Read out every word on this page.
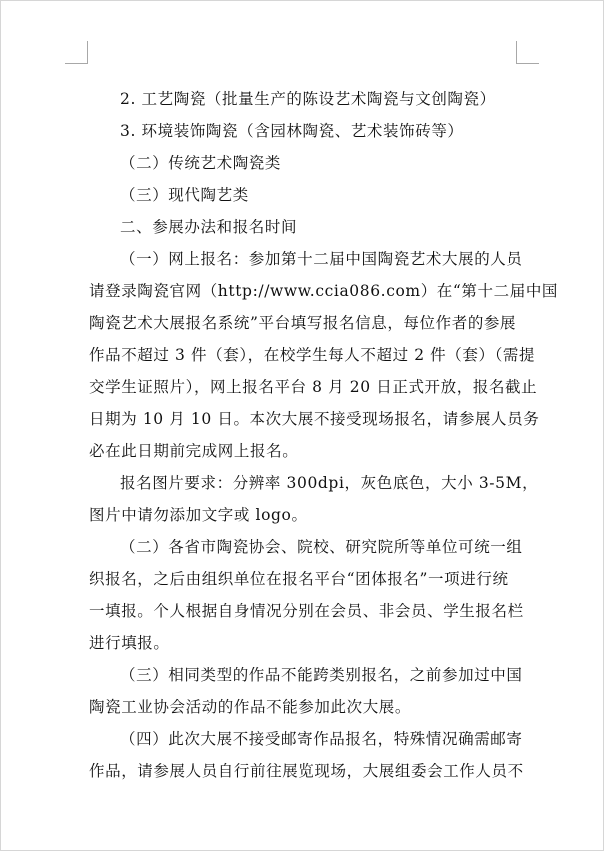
2. 工艺陶瓷（批量生产的陈设艺术陶瓷与文创陶瓷）

3. 环境装饰陶瓷（含园林陶瓷、艺术装饰砖等）

（二）传统艺术陶瓷类

（三）现代陶艺类

二、参展办法和报名时间

（一）网上报名：参加第十二届中国陶瓷艺术大展的人员

请登录陶瓷官网（http://www.ccia086.com）在“第十二届中国

陶瓷艺术大展报名系统”平台填写报名信息，每位作者的参展

作品不超过 3 件（套），在校学生每人不超过 2 件（套）（需提

交学生证照片），网上报名平台 8 月 20 日正式开放，报名截止

日期为 10 月 10 日。本次大展不接受现场报名，请参展人员务

必在此日期前完成网上报名。

报名图片要求：分辨率 300dpi，灰色底色，大小 3-5M，

图片中请勿添加文字或 logo。

（二）各省市陶瓷协会、院校、研究院所等单位可统一组

织报名，之后由组织单位在报名平台“团体报名”一项进行统

一填报。个人根据自身情况分别在会员、非会员、学生报名栏

进行填报。

（三）相同类型的作品不能跨类别报名，之前参加过中国

陶瓷工业协会活动的作品不能参加此次大展。

（四）此次大展不接受邮寄作品报名，特殊情况确需邮寄

作品，请参展人员自行前往展览现场，大展组委会工作人员不
